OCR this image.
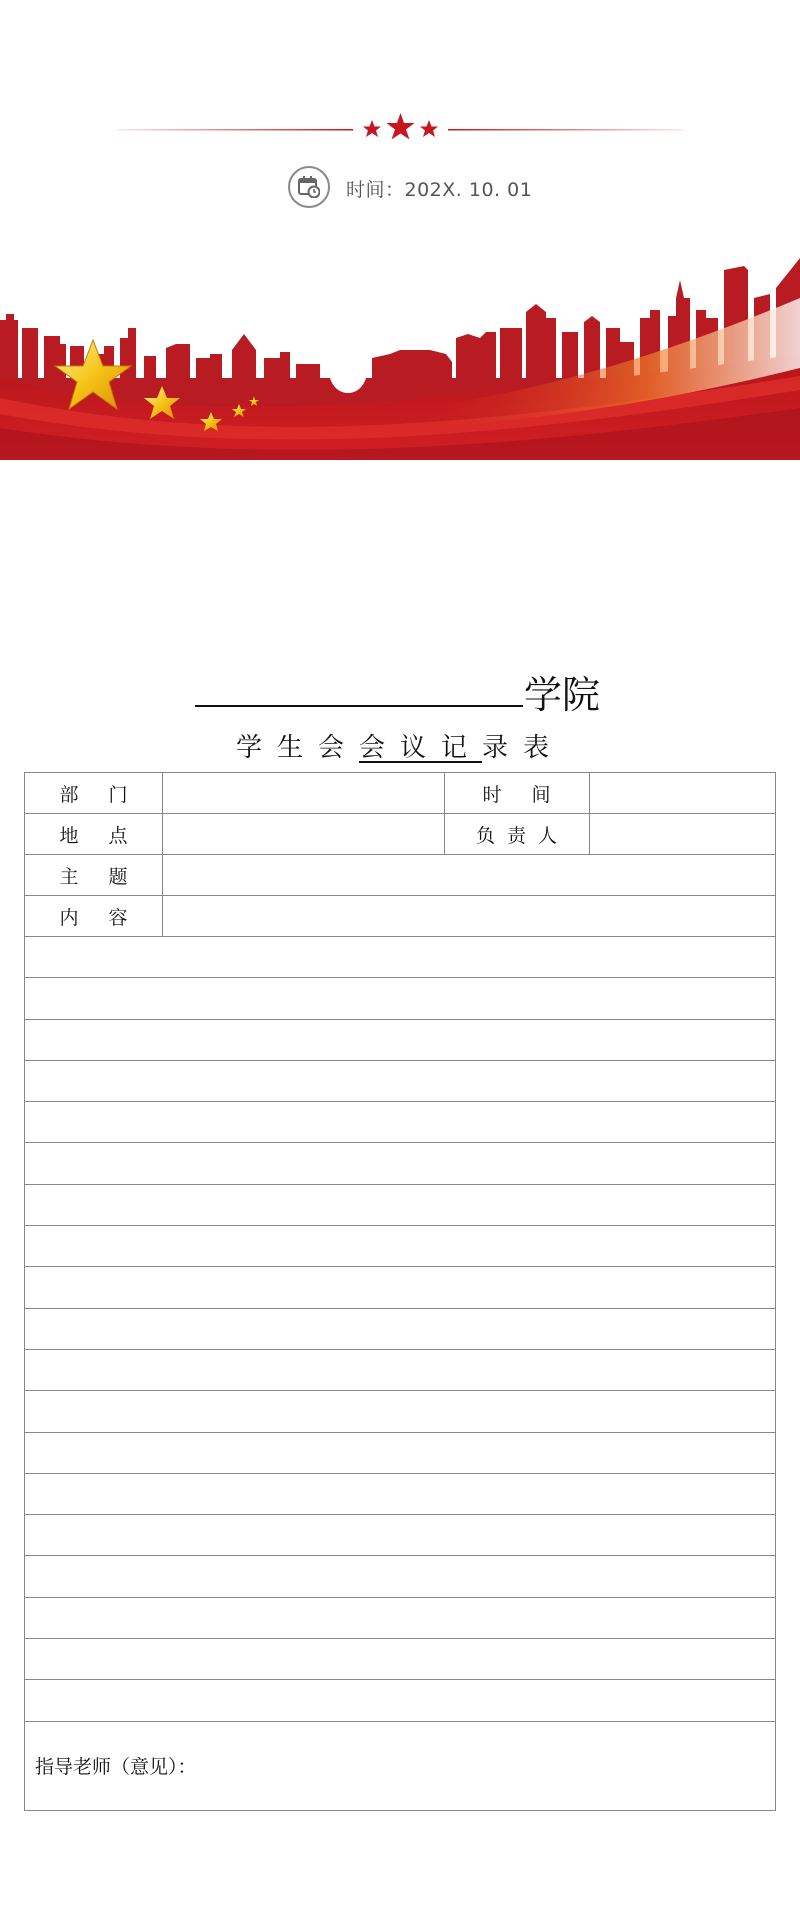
时间：202X. 10. 01
学院
学生会会议记录表
部 门	时 间
地 点	负责人
主 题
内 容
指导老师（意见）：
